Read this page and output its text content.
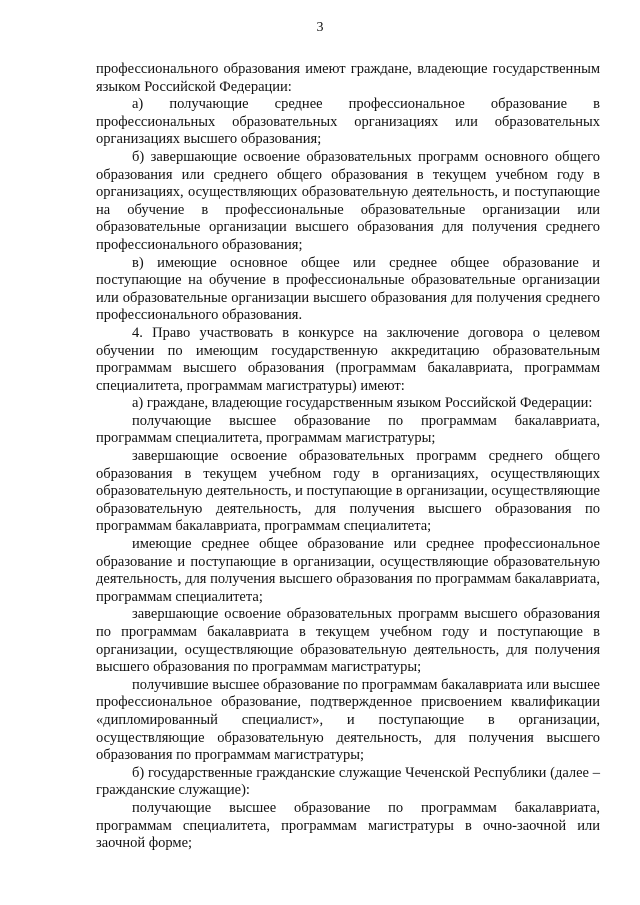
3

профессионального образования имеют граждане, владеющие государственным языком Российской Федерации:

а) получающие среднее профессиональное образование в профессиональных образовательных организациях или образовательных организациях высшего образования;

б) завершающие освоение образовательных программ основного общего образования или среднего общего образования в текущем учебном году в организациях, осуществляющих образовательную деятельность, и поступающие на обучение в профессиональные образовательные организации или образовательные организации высшего образования для получения среднего профессионального образования;

в) имеющие основное общее или среднее общее образование и поступающие на обучение в профессиональные образовательные организации или образовательные организации высшего образования для получения среднего профессионального образования.

4. Право участвовать в конкурсе на заключение договора о целевом обучении по имеющим государственную аккредитацию образовательным программам высшего образования (программам бакалавриата, программам специалитета, программам магистратуры) имеют:

а) граждане, владеющие государственным языком Российской Федерации:

получающие высшее образование по программам бакалавриата, программам специалитета, программам магистратуры;

завершающие освоение образовательных программ среднего общего образования в текущем учебном году в организациях, осуществляющих образовательную деятельность, и поступающие в организации, осуществляющие образовательную деятельность, для получения высшего образования по программам бакалавриата, программам специалитета;

имеющие среднее общее образование или среднее профессиональное образование и поступающие в организации, осуществляющие образовательную деятельность, для получения высшего образования по программам бакалавриата, программам специалитета;

завершающие освоение образовательных программ высшего образования по программам бакалавриата в текущем учебном году и поступающие в организации, осуществляющие образовательную деятельность, для получения высшего образования по программам магистратуры;

получившие высшее образование по программам бакалавриата или высшее профессиональное образование, подтвержденное присвоением квалификации «дипломированный специалист», и поступающие в организации, осуществляющие образовательную деятельность, для получения высшего образования по программам магистратуры;

б) государственные гражданские служащие Чеченской Республики (далее – гражданские служащие):

получающие высшее образование по программам бакалавриата, программам специалитета, программам магистратуры в очно-заочной или заочной форме;
